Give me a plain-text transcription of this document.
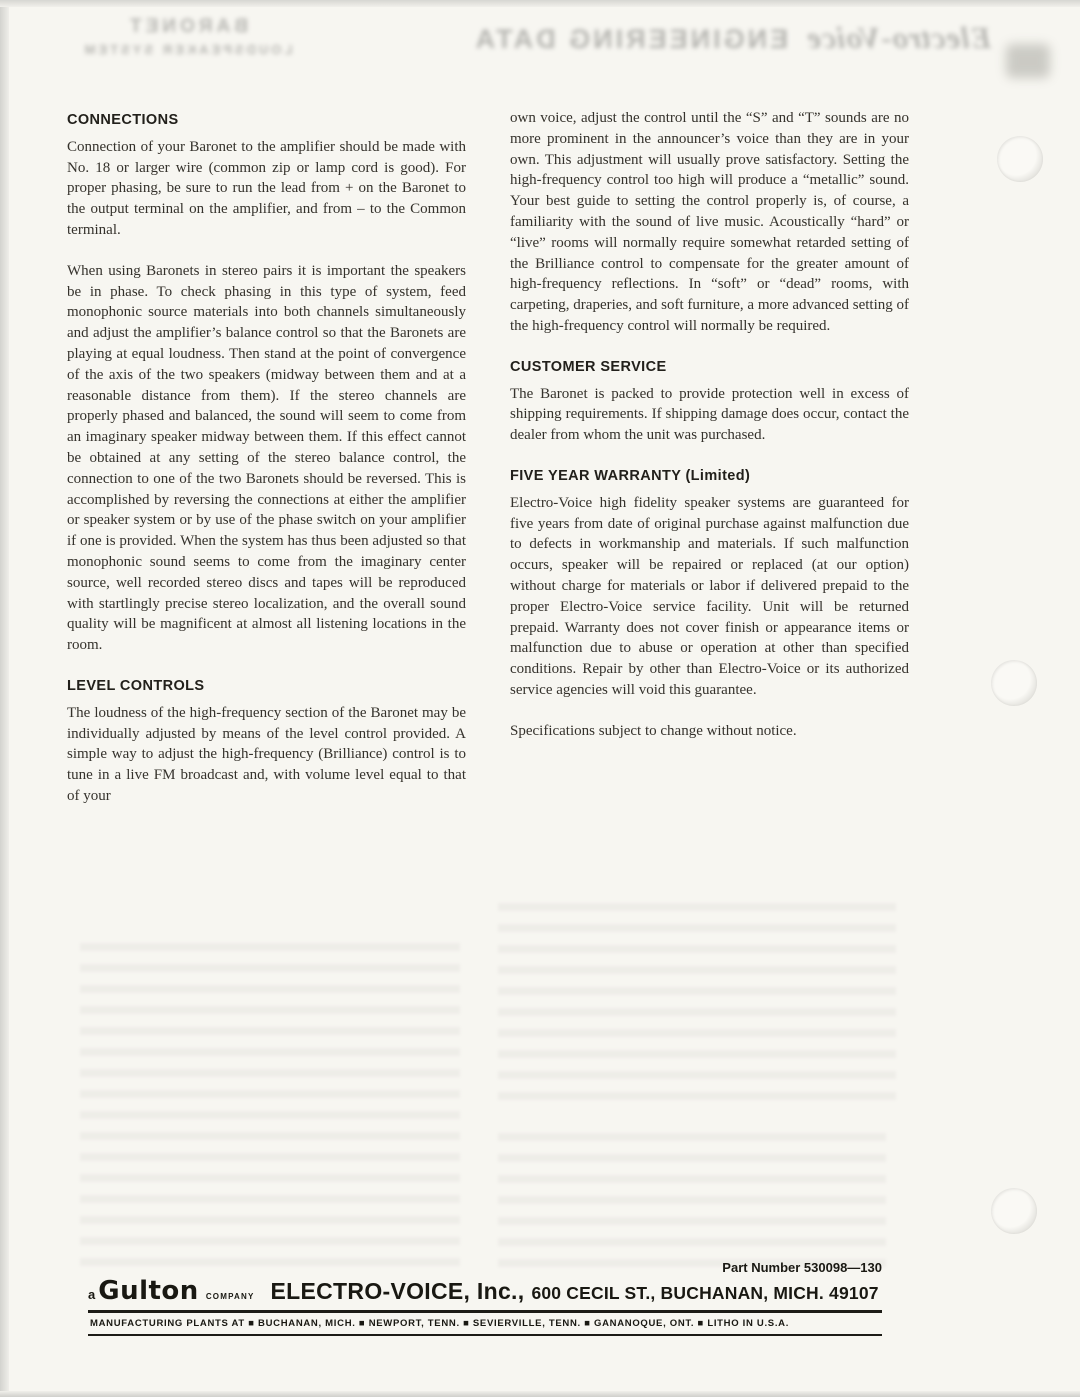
Electro-Voice ENGINEERING DATA
BARONET
LOUDSPEAKER SYSTEM
CONNECTIONS

Connection of your Baronet to the amplifier should be made with No. 18 or larger wire (common zip or lamp cord is good). For proper phasing, be sure to run the lead from + on the Baronet to the output terminal on the amplifier, and from – to the Common terminal.

When using Baronets in stereo pairs it is important the speakers be in phase. To check phasing in this type of system, feed monophonic source materials into both channels simultaneously and adjust the amplifier’s balance control so that the Baronets are playing at equal loudness. Then stand at the point of convergence of the axis of the two speakers (midway between them and at a reasonable distance from them). If the stereo channels are properly phased and balanced, the sound will seem to come from an imaginary speaker midway between them. If this effect cannot be obtained at any setting of the stereo balance control, the connection to one of the two Baronets should be reversed. This is accomplished by reversing the connections at either the amplifier or speaker system or by use of the phase switch on your amplifier if one is provided. When the system has thus been adjusted so that monophonic sound seems to come from the imaginary center source, well recorded stereo discs and tapes will be reproduced with startlingly precise stereo localization, and the overall sound quality will be magnificent at almost all listening locations in the room.

LEVEL CONTROLS

The loudness of the high-frequency section of the Baronet may be individually adjusted by means of the level control provided. A simple way to adjust the high-frequency (Brilliance) control is to tune in a live FM broadcast and, with volume level equal to that of your

own voice, adjust the control until the “S” and “T” sounds are no more prominent in the announcer’s voice than they are in your own. This adjustment will usually prove satisfactory. Setting the high-frequency control too high will produce a “metallic” sound. Your best guide to setting the control properly is, of course, a familiarity with the sound of live music. Acoustically “hard” or “live” rooms will normally require somewhat retarded setting of the Brilliance control to compensate for the greater amount of high-frequency reflections. In “soft” or “dead” rooms, with carpeting, draperies, and soft furniture, a more advanced setting of the high-frequency control will normally be required.

CUSTOMER SERVICE

The Baronet is packed to provide protection well in excess of shipping requirements. If shipping damage does occur, contact the dealer from whom the unit was purchased.

FIVE YEAR WARRANTY (Limited)

Electro-Voice high fidelity speaker systems are guaranteed for five years from date of original purchase against malfunction due to defects in workmanship and materials. If such malfunction occurs, speaker will be repaired or replaced (at our option) without charge for materials or labor if delivered prepaid to the proper Electro-Voice service facility. Unit will be returned prepaid. Warranty does not cover finish or appearance items or malfunction due to abuse or operation at other than specified conditions. Repair by other than Electro-Voice or its authorized service agencies will void this guarantee.

Specifications subject to change without notice.

Part Number 530098—130
a Gulton COMPANY ELECTRO-VOICE, Inc., 600 CECIL ST., BUCHANAN, MICH. 49107
MANUFACTURING PLANTS AT ■ BUCHANAN, MICH. ■ NEWPORT, TENN. ■ SEVIERVILLE, TENN. ■ GANANOQUE, ONT. ■ LITHO IN U.S.A.
